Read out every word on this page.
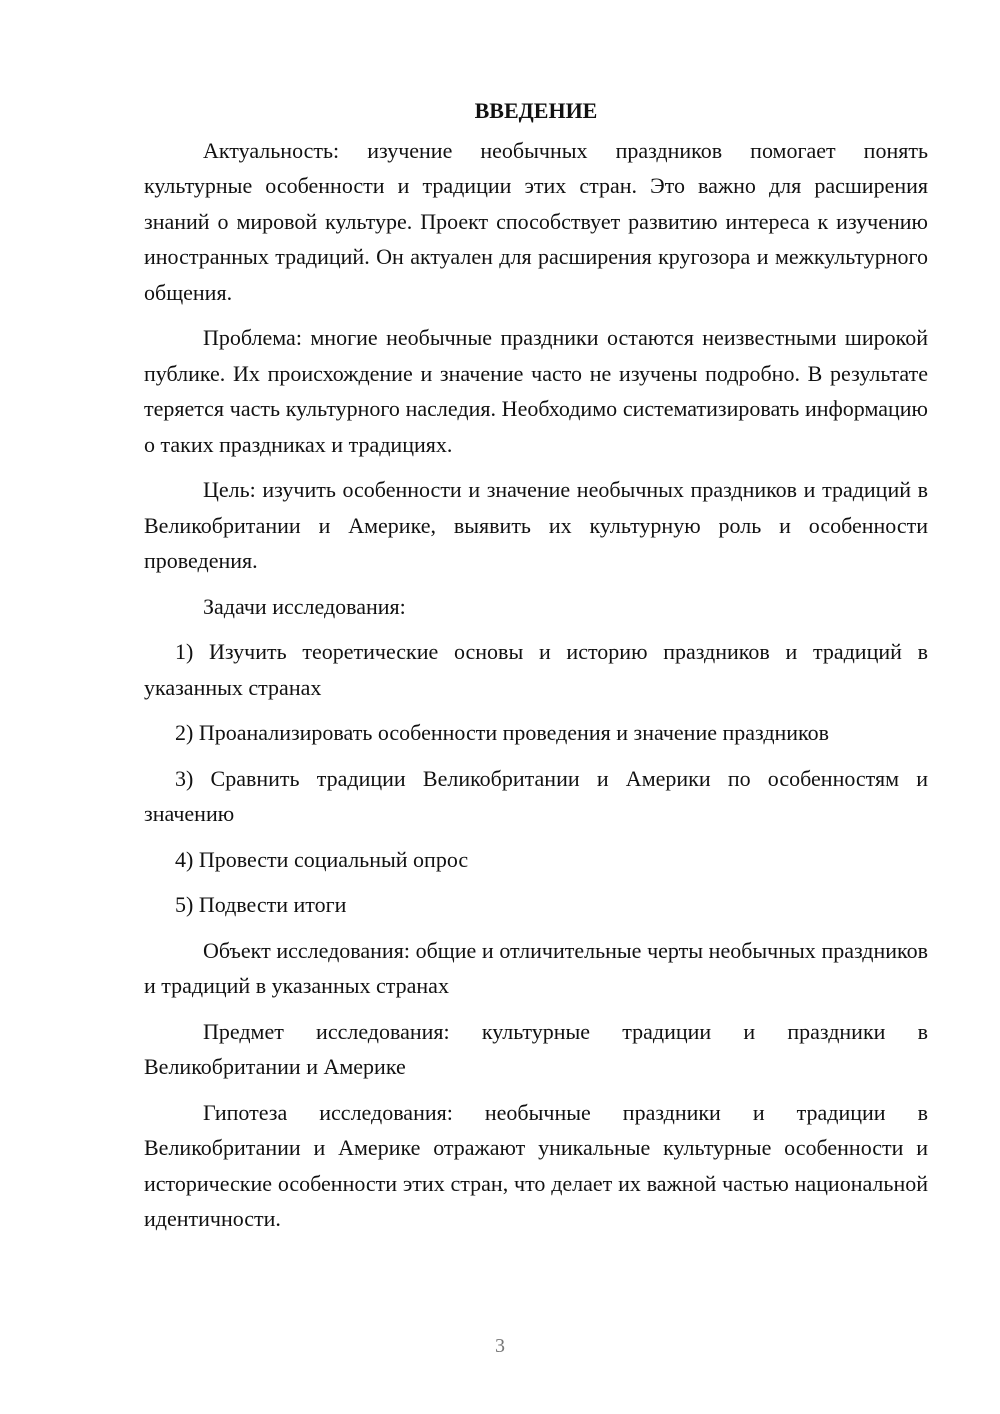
ВВЕДЕНИЕ

Актуальность: изучение необычных праздников помогает понять культурные особенности и традиции этих стран. Это важно для расширения знаний о мировой культуре. Проект способствует развитию интереса к изучению иностранных традиций. Он актуален для расширения кругозора и межкультурного общения.

Проблема: многие необычные праздники остаются неизвестными широкой публике. Их происхождение и значение часто не изучены подробно. В результате теряется часть культурного наследия. Необходимо систематизировать информацию о таких праздниках и традициях.

Цель: изучить особенности и значение необычных праздников и традиций в Великобритании и Америке, выявить их культурную роль и особенности проведения.

Задачи исследования:

1) Изучить теоретические основы и историю праздников и традиций в указанных странах

2) Проанализировать особенности проведения и значение праздников

3) Сравнить традиции Великобритании и Америки по особенностям и значению

4) Провести социальный опрос

5) Подвести итоги

Объект исследования: общие и отличительные черты необычных праздников и традиций в указанных странах

Предмет исследования: культурные традиции и праздники в Великобритании и Америке

Гипотеза исследования: необычные праздники и традиции в Великобритании и Америке отражают уникальные культурные особенности и исторические особенности этих стран, что делает их важной частью национальной идентичности.

3
